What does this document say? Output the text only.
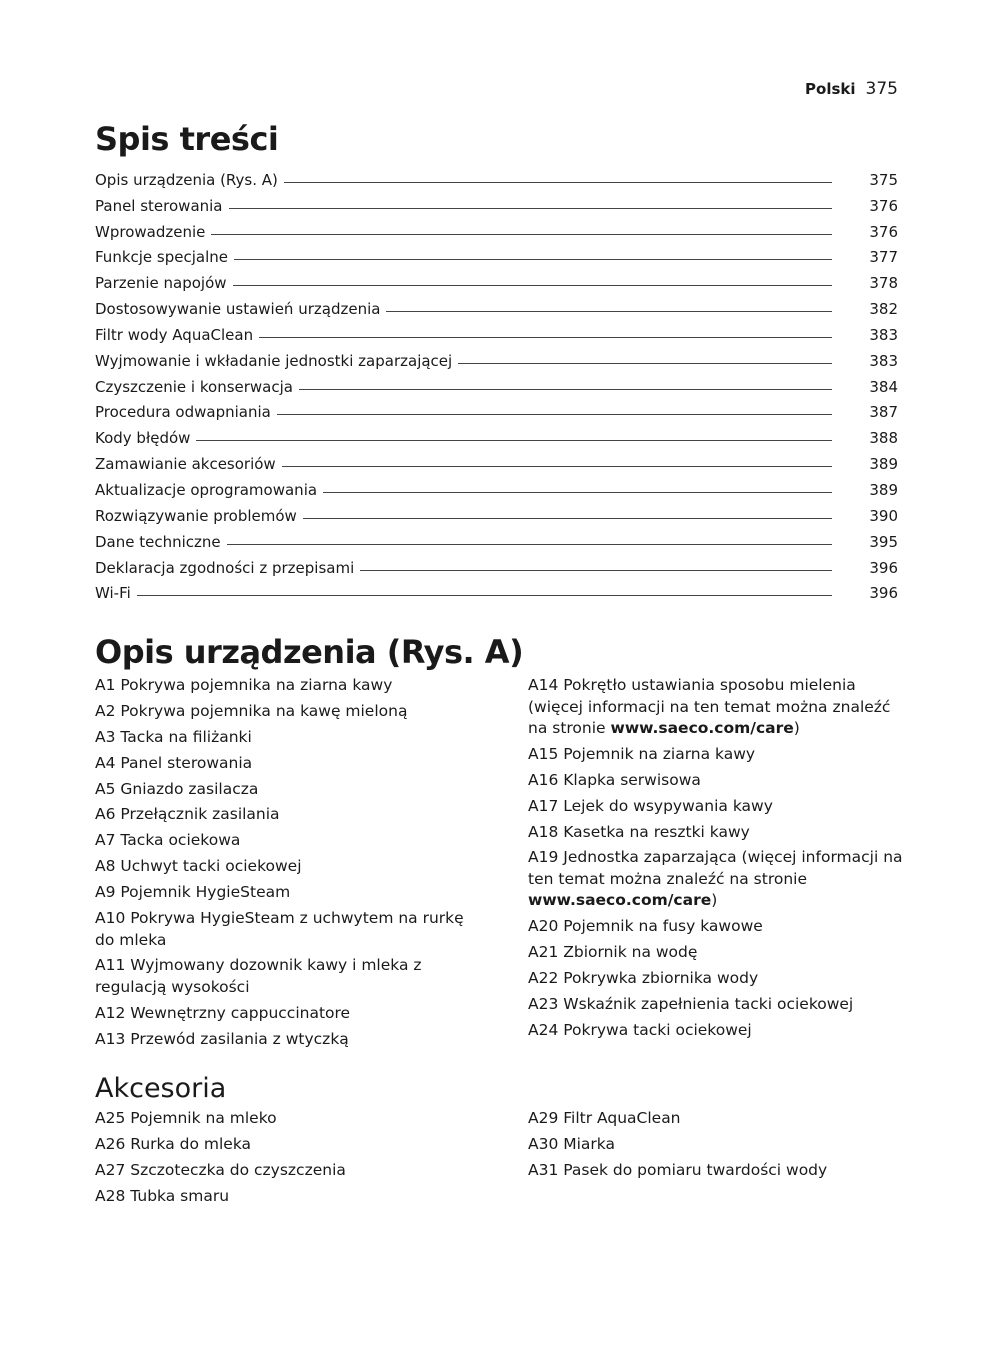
Polski 375
Spis treści
Opis urządzenia (Rys. A)	375
Panel sterowania	376
Wprowadzenie	376
Funkcje specjalne	377
Parzenie napojów	378
Dostosowywanie ustawień urządzenia	382
Filtr wody AquaClean	383
Wyjmowanie i wkładanie jednostki zaparzającej	383
Czyszczenie i konserwacja	384
Procedura odwapniania	387
Kody błędów	388
Zamawianie akcesoriów	389
Aktualizacje oprogramowania	389
Rozwiązywanie problemów	390
Dane techniczne	395
Deklaracja zgodności z przepisami	396
Wi-Fi	396
Opis urządzenia (Rys. A)
A1 Pokrywa pojemnika na ziarna kawy
A2 Pokrywa pojemnika na kawę mieloną
A3 Tacka na filiżanki
A4 Panel sterowania
A5 Gniazdo zasilacza
A6 Przełącznik zasilania
A7 Tacka ociekowa
A8 Uchwyt tacki ociekowej
A9 Pojemnik HygieSteam
A10 Pokrywa HygieSteam z uchwytem na rurkę do mleka
A11 Wyjmowany dozownik kawy i mleka z regulacją wysokości
A12 Wewnętrzny cappuccinatore
A13 Przewód zasilania z wtyczką
A14 Pokrętło ustawiania sposobu mielenia (więcej informacji na ten temat można znaleźć na stronie www.saeco.com/care)
A15 Pojemnik na ziarna kawy
A16 Klapka serwisowa
A17 Lejek do wsypywania kawy
A18 Kasetka na resztki kawy
A19 Jednostka zaparzająca (więcej informacji na ten temat można znaleźć na stronie www.saeco.com/care)
A20 Pojemnik na fusy kawowe
A21 Zbiornik na wodę
A22 Pokrywka zbiornika wody
A23 Wskaźnik zapełnienia tacki ociekowej
A24 Pokrywa tacki ociekowej
Akcesoria
A25 Pojemnik na mleko
A26 Rurka do mleka
A27 Szczoteczka do czyszczenia
A28 Tubka smaru
A29 Filtr AquaClean
A30 Miarka
A31 Pasek do pomiaru twardości wody
